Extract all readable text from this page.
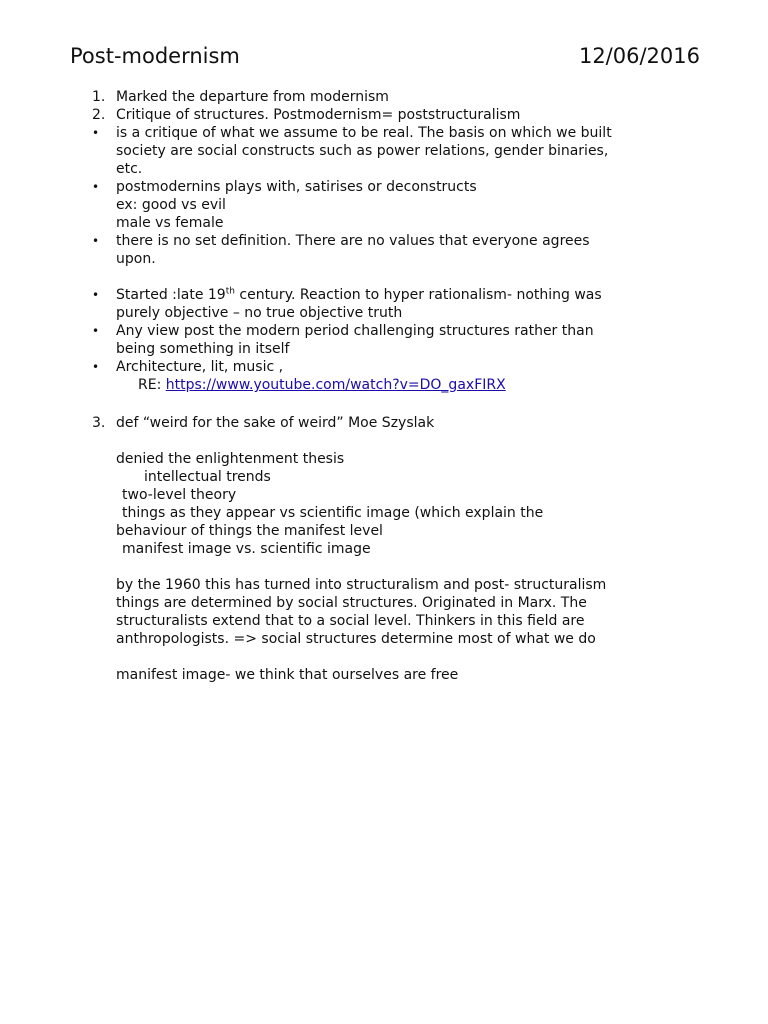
Post-modernism	12/06/2016
1. Marked the departure from modernism
2. Critique of structures. Postmodernism= poststructuralism
• is a critique of what we assume to be real. The basis on which we built
society are social constructs such as power relations, gender binaries,
etc.
• postmodernins plays with, satirises or deconstructs
ex: good vs evil
male vs female
• there is no set definition. There are no values that everyone agrees
upon.
• Started :late 19th century. Reaction to hyper rationalism- nothing was
purely objective – no true objective truth
• Any view post the modern period challenging structures rather than
being something in itself
• Architecture, lit, music ,
RE: https://www.youtube.com/watch?v=DO_gaxFIRX
3. def “weird for the sake of weird” Moe Szyslak
denied the enlightenment thesis
intellectual trends
two-level theory
things as they appear vs scientific image (which explain the
behaviour of things the manifest level
manifest image vs. scientific image
by the 1960 this has turned into structuralism and post- structuralism
things are determined by social structures. Originated in Marx. The
structuralists extend that to a social level. Thinkers in this field are
anthropologists. => social structures determine most of what we do
manifest image- we think that ourselves are free
